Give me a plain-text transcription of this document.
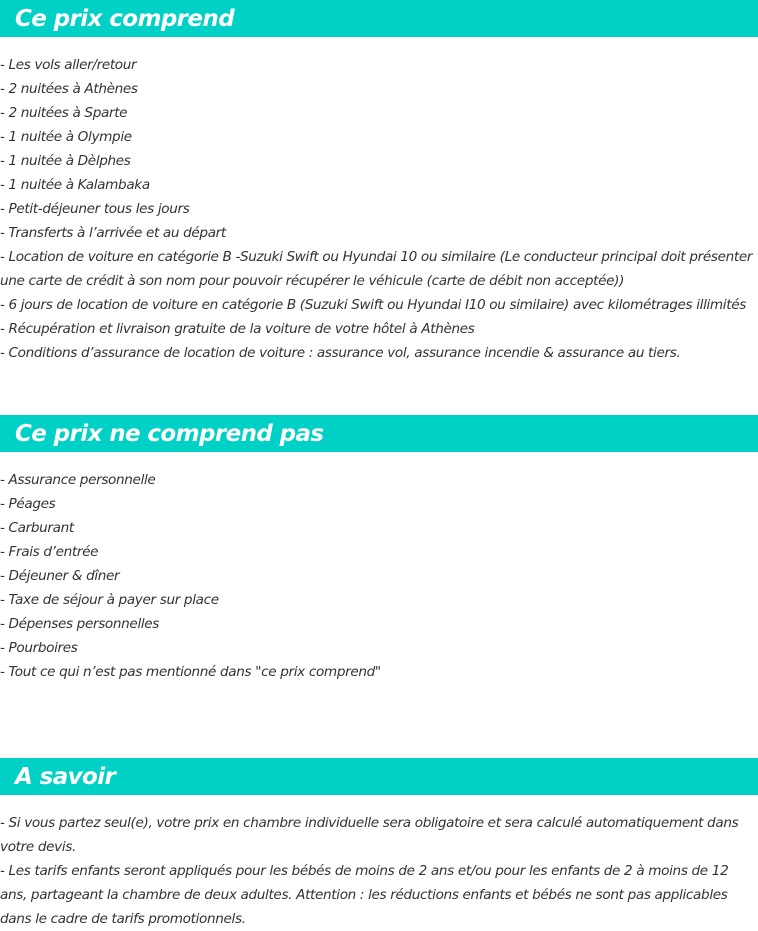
Ce prix comprend
- Les vols aller/retour
- 2 nuitées à Athènes
- 2 nuitées à Sparte
- 1 nuitée à Olympie
- 1 nuitée à Dèlphes
- 1 nuitée à Kalambaka
- Petit-déjeuner tous les jours
- Transferts à l’arrivée et au départ
- Location de voiture en catégorie B -Suzuki Swift ou Hyundai 10 ou similaire (Le conducteur principal doit présenter une carte de crédit à son nom pour pouvoir récupérer le véhicule (carte de débit non acceptée))
- 6 jours de location de voiture en catégorie B (Suzuki Swift ou Hyundai I10 ou similaire) avec kilométrages illimités
- Récupération et livraison gratuite de la voiture de votre hôtel à Athènes
- Conditions d’assurance de location de voiture : assurance vol, assurance incendie & assurance au tiers.
Ce prix ne comprend pas
- Assurance personnelle
- Péages
- Carburant
- Frais d’entrée
- Déjeuner & dîner
- Taxe de séjour à payer sur place
- Dépenses personnelles
- Pourboires
- Tout ce qui n’est pas mentionné dans "ce prix comprend"
A savoir

- Si vous partez seul(e), votre prix en chambre individuelle sera obligatoire et sera calculé automatiquement dans votre devis.

- Les tarifs enfants seront appliqués pour les bébés de moins de 2 ans et/ou pour les enfants de 2 à moins de 12 ans, partageant la chambre de deux adultes. Attention : les réductions enfants et bébés ne sont pas applicables dans le cadre de tarifs promotionnels.
